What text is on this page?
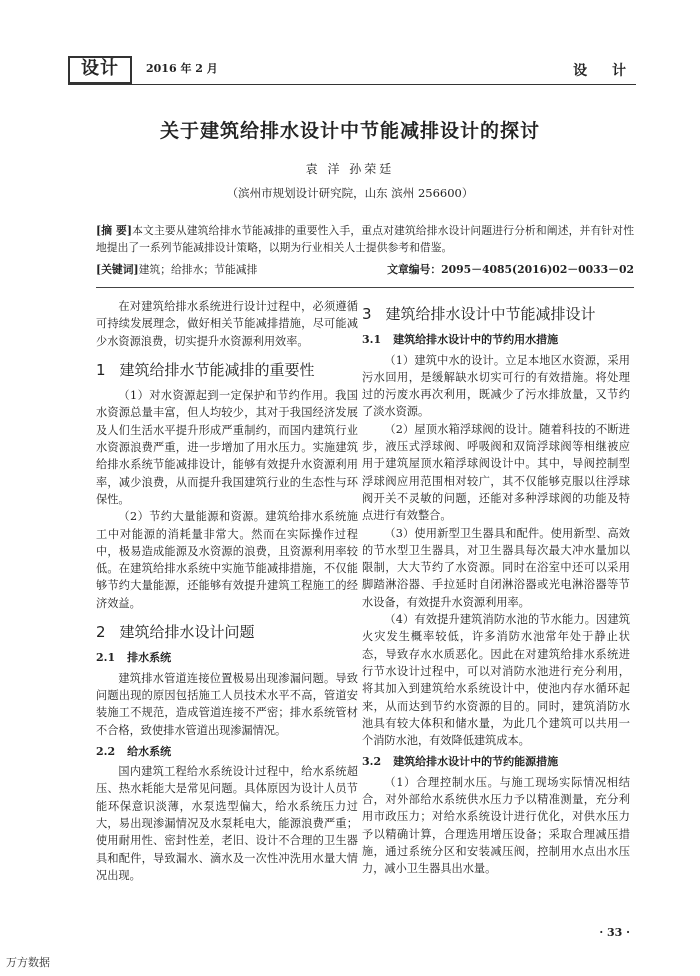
设计	2016 年 2 月	设 计
关于建筑给排水设计中节能减排设计的探讨
袁 洋 孙荣廷
（滨州市规划设计研究院，山东 滨州 256600）
[摘 要]本文主要从建筑给排水节能减排的重要性入手，重点对建筑给排水设计问题进行分析和阐述，并有针对性地提出了一系列节能减排设计策略，以期为行业相关人士提供参考和借鉴。
[关键词]建筑；给排水；节能减排	文章编号：2095－4085(2016)02－0033－02

在对建筑给排水系统进行设计过程中，必须遵循可持续发展理念，做好相关节能减排措施，尽可能减少水资源浪费，切实提升水资源利用效率。

1 建筑给排水节能减排的重要性

（1）对水资源起到一定保护和节约作用。我国水资源总量丰富，但人均较少，其对于我国经济发展及人们生活水平提升形成严重制约，而国内建筑行业水资源浪费严重，进一步增加了用水压力。实施建筑给排水系统节能减排设计，能够有效提升水资源利用率，减少浪费，从而提升我国建筑行业的生态性与环保性。

（2）节约大量能源和资源。建筑给排水系统施工中对能源的消耗量非常大。然而在实际操作过程中，极易造成能源及水资源的浪费，且资源利用率较低。在建筑给排水系统中实施节能减排措施，不仅能够节约大量能源，还能够有效提升建筑工程施工的经济效益。

2 建筑给排水设计问题
2.1 排水系统

建筑排水管道连接位置极易出现渗漏问题。导致问题出现的原因包括施工人员技术水平不高，管道安装施工不规范，造成管道连接不严密；排水系统管材不合格，致使排水管道出现渗漏情况。

2.2 给水系统

国内建筑工程给水系统设计过程中，给水系统超压、热水耗能大是常见问题。具体原因为设计人员节能环保意识淡薄，水泵选型偏大，给水系统压力过大，易出现渗漏情况及水泵耗电大，能源浪费严重；使用耐用性、密封性差，老旧、设计不合理的卫生器具和配件，导致漏水、滴水及一次性冲洗用水量大情况出现。

3 建筑给排水设计中节能减排设计
3.1 建筑给排水设计中的节约用水措施

（1）建筑中水的设计。立足本地区水资源，采用污水回用，是缓解缺水切实可行的有效措施。将处理过的污废水再次利用，既减少了污水排放量，又节约了淡水资源。

（2）屋顶水箱浮球阀的设计。随着科技的不断进步，液压式浮球阀、呼吸阀和双筒浮球阀等相继被应用于建筑屋顶水箱浮球阀设计中。其中，导阀控制型浮球阀应用范围相对较广，其不仅能够克服以往浮球阀开关不灵敏的问题，还能对多种浮球阀的功能及特点进行有效整合。

（3）使用新型卫生器具和配件。使用新型、高效的节水型卫生器具，对卫生器具每次最大冲水量加以限制，大大节约了水资源。同时在浴室中还可以采用脚踏淋浴器、手拉延时自闭淋浴器或光电淋浴器等节水设备，有效提升水资源利用率。

（4）有效提升建筑消防水池的节水能力。因建筑火灾发生概率较低，许多消防水池常年处于静止状态，导致存水水质恶化。因此在对建筑给排水系统进行节水设计过程中，可以对消防水池进行充分利用，将其加入到建筑给水系统设计中，使池内存水循环起来，从而达到节约水资源的目的。同时，建筑消防水池具有较大体积和储水量，为此几个建筑可以共用一个消防水池，有效降低建筑成本。

3.2 建筑给排水设计中的节约能源措施

（1）合理控制水压。与施工现场实际情况相结合，对外部给水系统供水压力予以精准测量，充分利用市政压力；对给水系统设计进行优化，对供水压力予以精确计算，合理选用增压设备；采取合理减压措施，通过系统分区和安装减压阀，控制用水点出水压力，减小卫生器具出水量。

· 33 ·
万方数据
